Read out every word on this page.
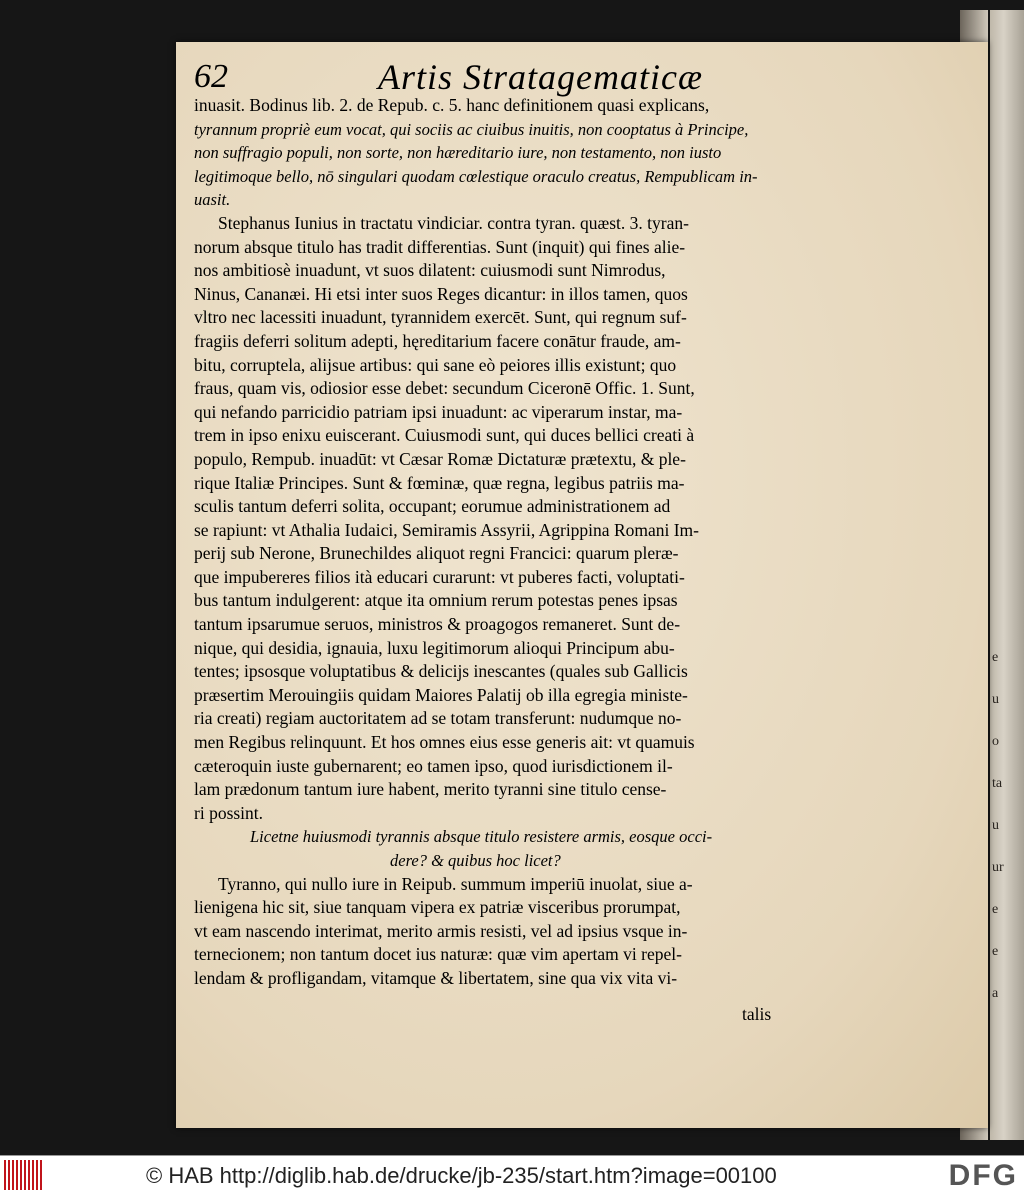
e
u
o
ta
u
ur
e
e
a
62	Artis Stratagematicæ
inuasit. Bodinus lib. 2. de Repub. c. 5. hanc definitionem quasi explicans,
tyrannum propriè eum vocat, qui sociis ac ciuibus inuitis, non cooptatus à Principe,
non suffragio populi, non sorte, non hæreditario iure, non testamento, non iusto
legitimoque bello, nō singulari quodam cœlestique oraculo creatus, Rempublicam in-
uasit.
Stephanus Iunius in tractatu vindiciar. contra tyran. quæst. 3. tyran-
norum absque titulo has tradit differentias. Sunt (inquit) qui fines alie-
nos ambitiosè inuadunt, vt suos dilatent: cuiusmodi sunt Nimrodus,
Ninus, Cananæi. Hi etsi inter suos Reges dicantur: in illos tamen, quos
vltro nec lacessiti inuadunt, tyrannidem exercēt. Sunt, qui regnum suf-
fragiis deferri solitum adepti, hęreditarium facere conātur fraude, am-
bitu, corruptela, alijsue artibus: qui sane eò peiores illis existunt; quo
fraus, quam vis, odiosior esse debet: secundum Ciceronē Offic. 1. Sunt,
qui nefando parricidio patriam ipsi inuadunt: ac viperarum instar, ma-
trem in ipso enixu euiscerant. Cuiusmodi sunt, qui duces bellici creati à
populo, Rempub. inuadūt: vt Cæsar Romæ Dictaturæ prætextu, & ple-
rique Italiæ Principes. Sunt & fœminæ, quæ regna, legibus patriis ma-
sculis tantum deferri solita, occupant; eorumue administrationem ad
se rapiunt: vt Athalia Iudaici, Semiramis Assyrii, Agrippina Romani Im-
perij sub Nerone, Brunechildes aliquot regni Francici: quarum pleræ-
que impubereres filios ità educari curarunt: vt puberes facti, voluptati-
bus tantum indulgerent: atque ita omnium rerum potestas penes ipsas
tantum ipsarumue seruos, ministros & proagogos remaneret. Sunt de-
nique, qui desidia, ignauia, luxu legitimorum alioqui Principum abu-
tentes; ipsosque voluptatibus & delicijs inescantes (quales sub Gallicis
præsertim Merouingiis quidam Maiores Palatij ob illa egregia ministe-
ria creati) regiam auctoritatem ad se totam transferunt: nudumque no-
men Regibus relinquunt. Et hos omnes eius esse generis ait: vt quamuis
cæteroquin iuste gubernarent; eo tamen ipso, quod iurisdictionem il-
lam prædonum tantum iure habent, merito tyranni sine titulo cense-
ri possint.
Licetne huiusmodi tyrannis absque titulo resistere armis, eosque occi-
dere? & quibus hoc licet?
Tyranno, qui nullo iure in Reipub. summum imperiū inuolat, siue a-
lienigena hic sit, siue tanquam vipera ex patriæ visceribus prorumpat,
vt eam nascendo interimat, merito armis resisti, vel ad ipsius vsque in-
ternecionem; non tantum docet ius naturæ: quæ vim apertam vi repel-
lendam & profligandam, vitamque & libertatem, sine qua vix vita vi-
talis
© HAB http://diglib.hab.de/drucke/jb-235/start.htm?image=00100	DFG
